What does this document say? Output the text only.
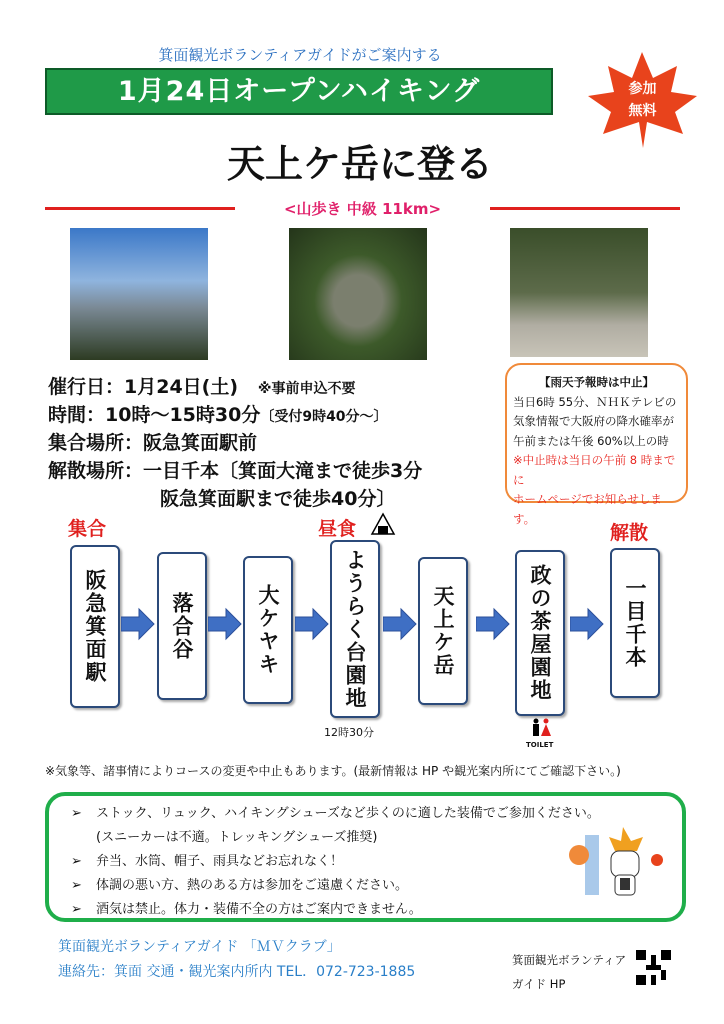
箕面観光ボランティアガイドがご案内する
1月24日オープンハイキング	参加
無料
天上ケ岳に登る
<山歩き 中級 11km>
催行日：1月24日(土) ※事前申込不要
時間：10時～15時30分〔受付9時40分～〕
集合場所：阪急箕面駅前
解散場所：一目千本〔箕面大滝まで徒歩3分
阪急箕面駅まで徒歩40分〕
【雨天予報時は中止】
当日6時 55分、ＮＨＫテレビの
気象情報で大阪府の降水確率が
午前または午後 60%以上の時
※中止時は当日の午前 8 時までに
ホームページでお知らせします。
集合	昼食	解散
阪急箕面駅	落合谷	大ケヤキ	ようらく台園地	天上ケ岳	政の茶屋園地	一目千本
12時30分
TOILET
※気象等、諸事情によりコースの変更や中止もあります。(最新情報は HP や観光案内所にてご確認下さい。)
➢ ストック、リュック、ハイキングシューズなど歩くのに適した装備でご参加ください。
(スニーカーは不適。トレッキングシューズ推奨)
➢ 弁当、水筒、帽子、雨具などお忘れなく！
➢ 体調の悪い方、熱のある方は参加をご遠慮ください。
➢ 酒気は禁止。体力・装備不全の方はご案内できません。
箕面観光ボランティアガイド 「ＭＶクラブ」
連絡先：箕面 交通・観光案内所内 TEL．072-723-1885
箕面観光ボランティア
ガイド HP
